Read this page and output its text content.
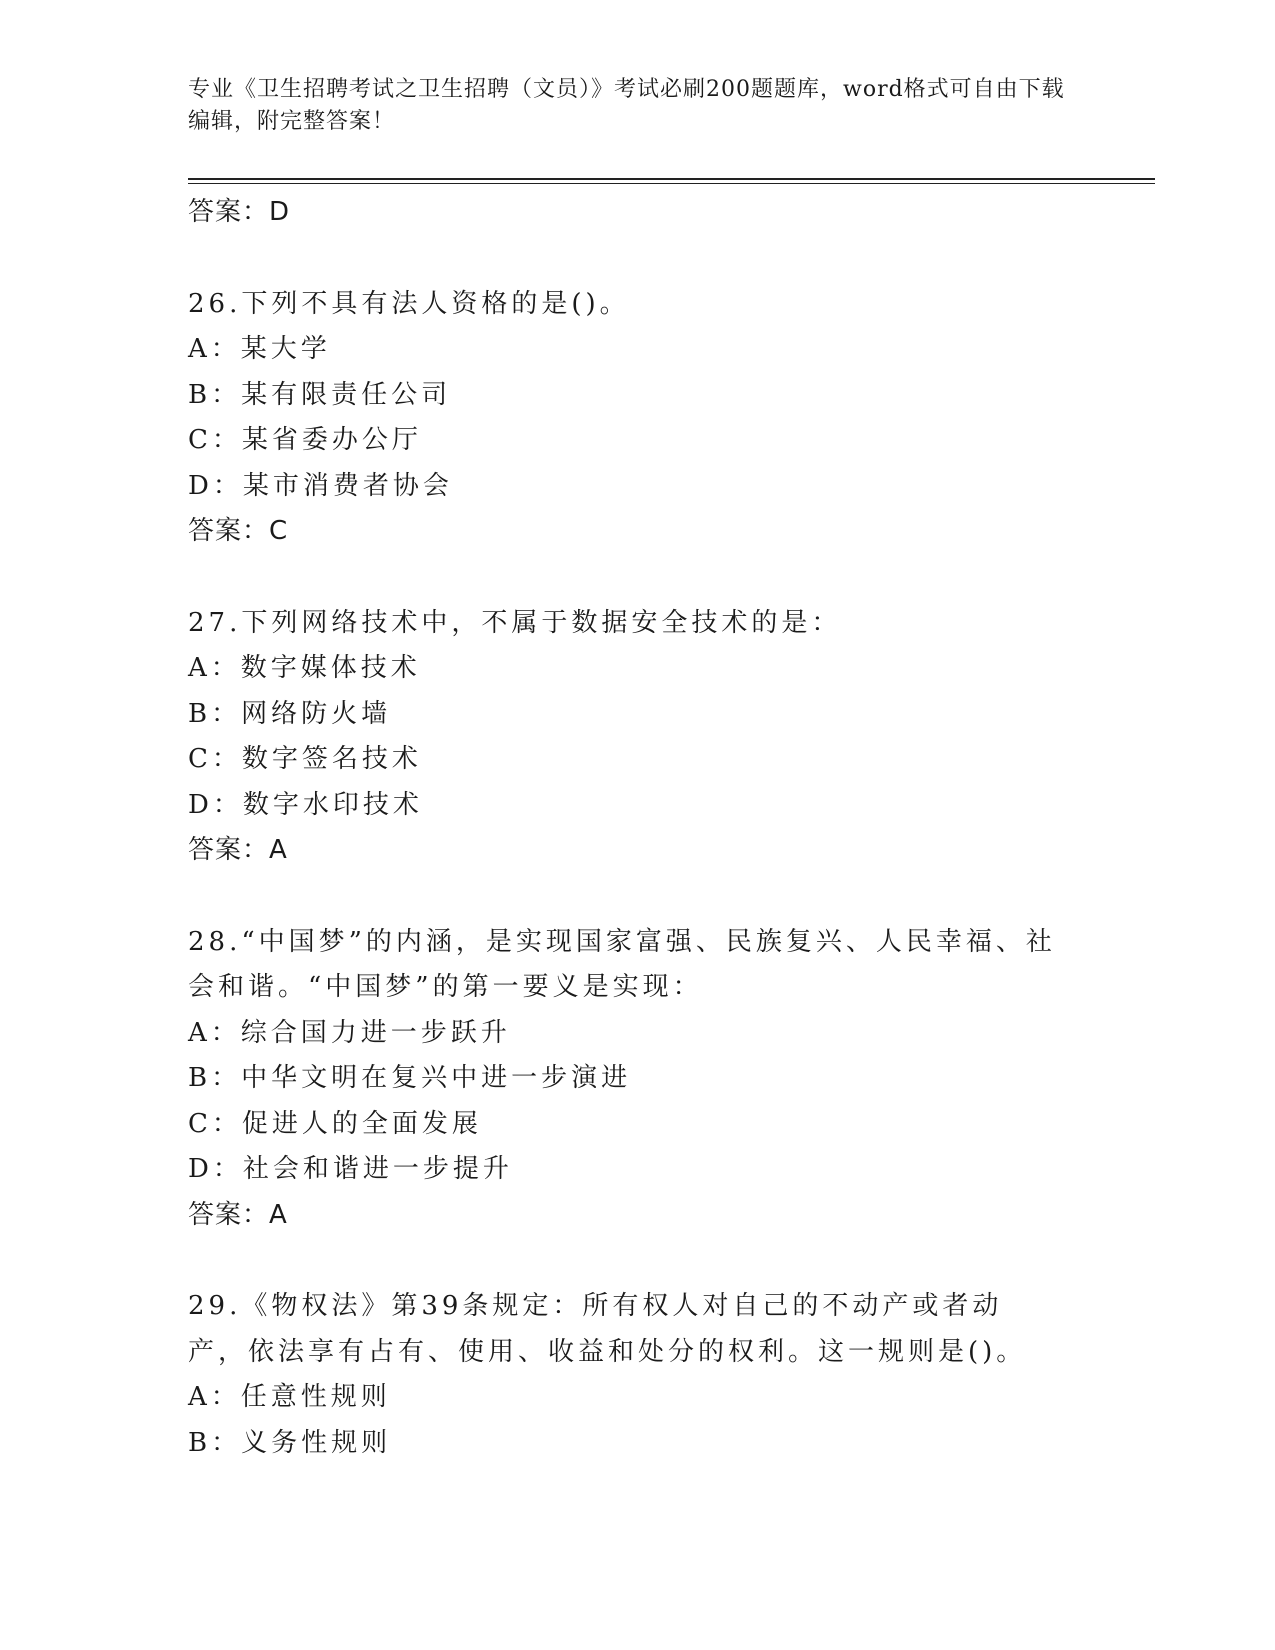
专业《卫生招聘考试之卫生招聘（文员）》考试必刷200题题库，word格式可自由下载编辑，附完整答案！

答案：D
26.下列不具有法人资格的是()。
A：某大学
B：某有限责任公司
C：某省委办公厅
D：某市消费者协会
答案：C
27.下列网络技术中，不属于数据安全技术的是：
A：数字媒体技术
B：网络防火墙
C：数字签名技术
D：数字水印技术
答案：A
28.“中国梦”的内涵，是实现国家富强、民族复兴、人民幸福、社会和谐。“中国梦”的第一要义是实现：
A：综合国力进一步跃升
B：中华文明在复兴中进一步演进
C：促进人的全面发展
D：社会和谐进一步提升
答案：A
29.《物权法》第39条规定：所有权人对自己的不动产或者动产，依法享有占有、使用、收益和处分的权利。这一规则是()。
A：任意性规则
B：义务性规则
